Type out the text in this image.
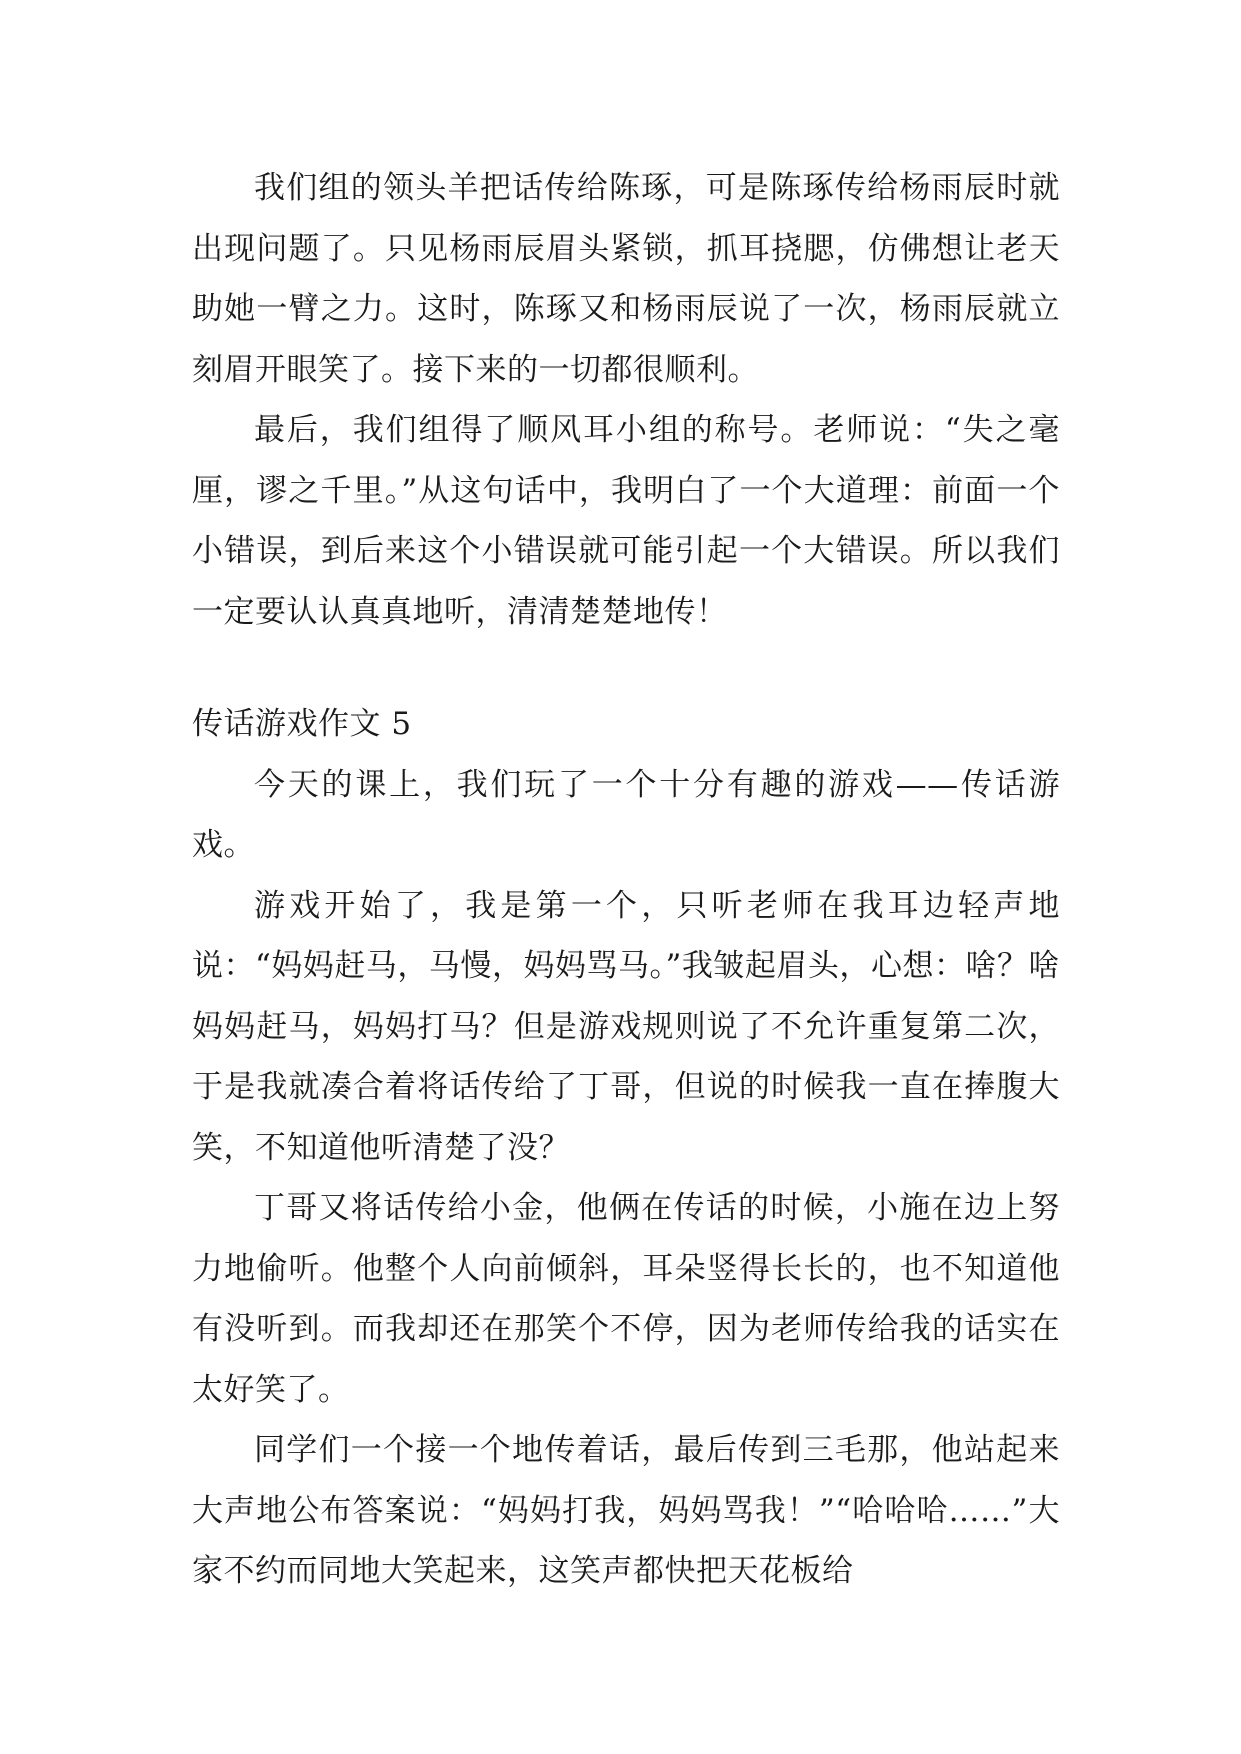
我们组的领头羊把话传给陈琢，可是陈琢传给杨雨辰时就出现问题了。只见杨雨辰眉头紧锁，抓耳挠腮，仿佛想让老天助她一臂之力。这时，陈琢又和杨雨辰说了一次，杨雨辰就立刻眉开眼笑了。接下来的一切都很顺利。

最后，我们组得了顺风耳小组的称号。老师说：“失之毫厘，谬之千里。”从这句话中，我明白了一个大道理：前面一个小错误，到后来这个小错误就可能引起一个大错误。所以我们一定要认认真真地听，清清楚楚地传！

传话游戏作文 5

今天的课上，我们玩了一个十分有趣的游戏——传话游戏。

游戏开始了，我是第一个，只听老师在我耳边轻声地说：“妈妈赶马，马慢，妈妈骂马。”我皱起眉头，心想：啥？啥妈妈赶马，妈妈打马？但是游戏规则说了不允许重复第二次，于是我就凑合着将话传给了丁哥，但说的时候我一直在捧腹大笑，不知道他听清楚了没？

丁哥又将话传给小金，他俩在传话的时候，小施在边上努力地偷听。他整个人向前倾斜，耳朵竖得长长的，也不知道他有没听到。而我却还在那笑个不停，因为老师传给我的话实在太好笑了。

同学们一个接一个地传着话，最后传到三毛那，他站起来大声地公布答案说：“妈妈打我，妈妈骂我！”“哈哈哈……”大家不约而同地大笑起来，这笑声都快把天花板给
